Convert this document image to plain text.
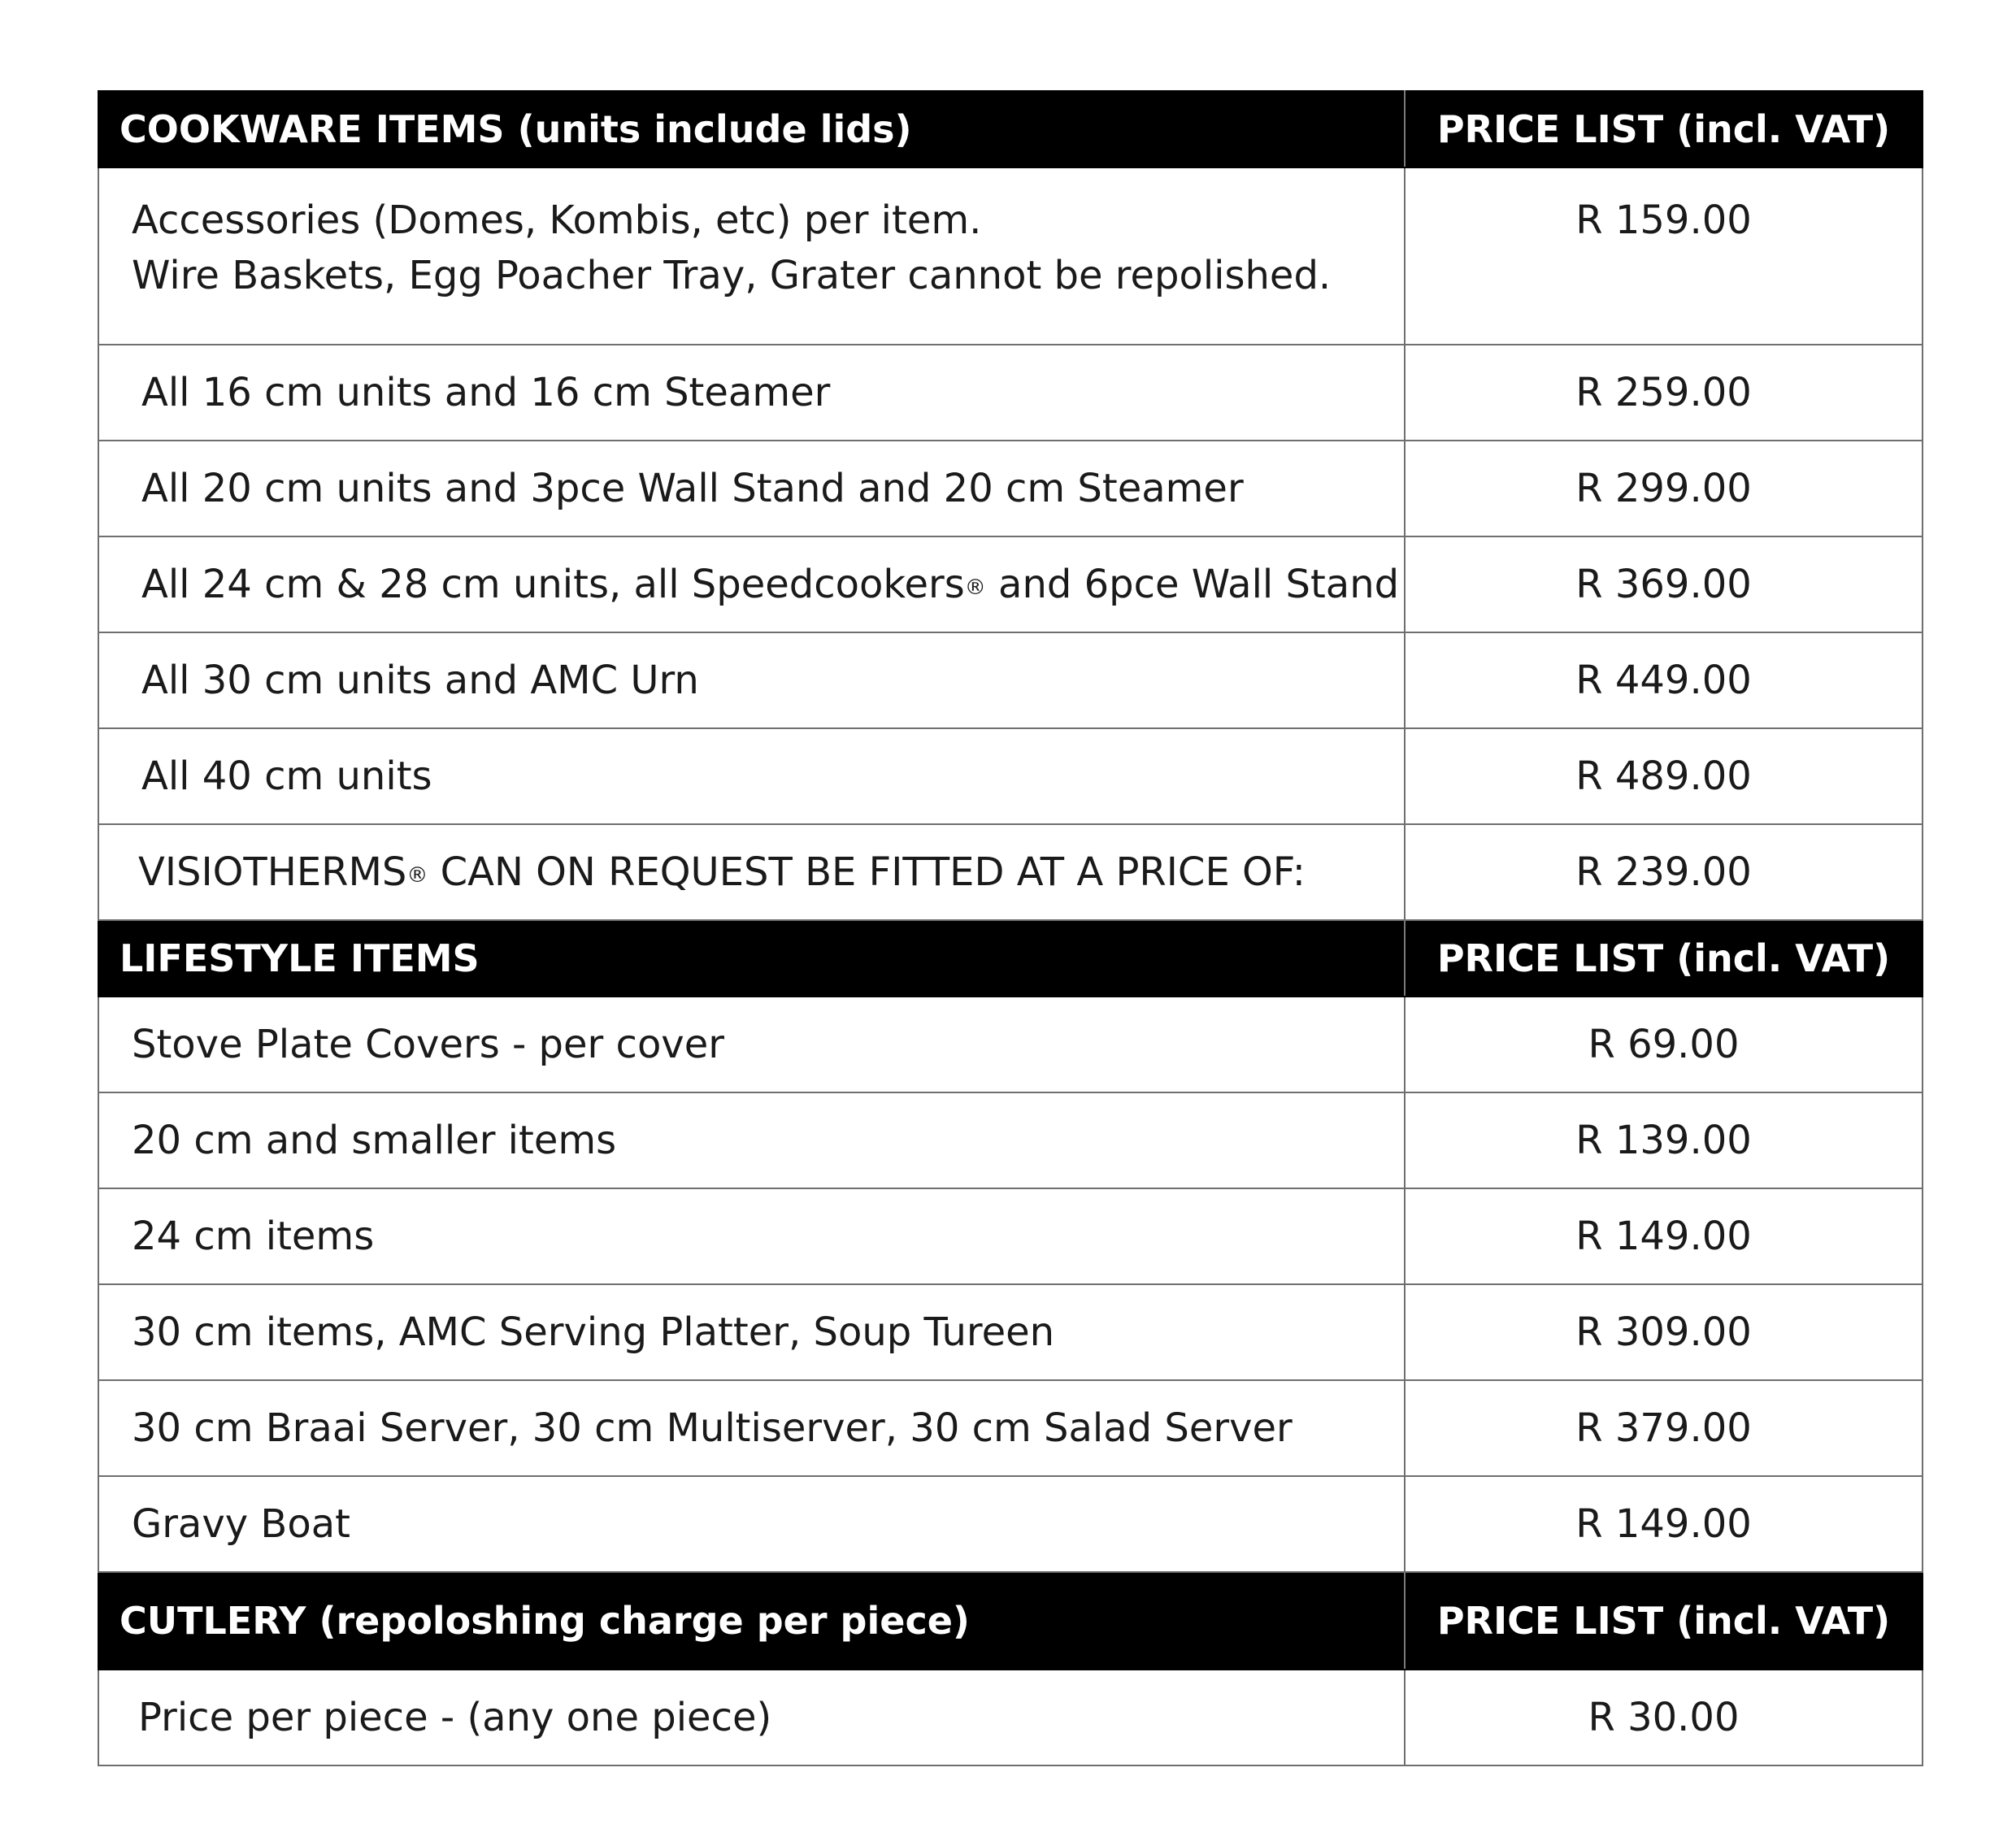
COOKWARE ITEMS (units include lids)	PRICE LIST (incl. VAT)

Accessories (Domes, Kombis, etc) per item.
Wire Baskets, Egg Poacher Tray, Grater cannot be repolished.	R 159.00
All 16 cm units and 16 cm Steamer	R 259.00
All 20 cm units and 3pce Wall Stand and 20 cm Steamer	R 299.00
All 24 cm & 28 cm units, all Speedcookers® and 6pce Wall Stand	R 369.00
All 30 cm units and AMC Urn	R 449.00
All 40 cm units	R 489.00
VISIOTHERMS® CAN ON REQUEST BE FITTED AT A PRICE OF:	R 239.00
LIFESTYLE ITEMS	PRICE LIST (incl. VAT)
Stove Plate Covers - per cover	R 69.00
20 cm and smaller items	R 139.00
24 cm items	R 149.00
30 cm items, AMC Serving Platter, Soup Tureen	R 309.00
30 cm Braai Server, 30 cm Multiserver, 30 cm Salad Server	R 379.00
Gravy Boat	R 149.00
CUTLERY (repoloshing charge per piece)	PRICE LIST (incl. VAT)
Price per piece - (any one piece)	R 30.00
